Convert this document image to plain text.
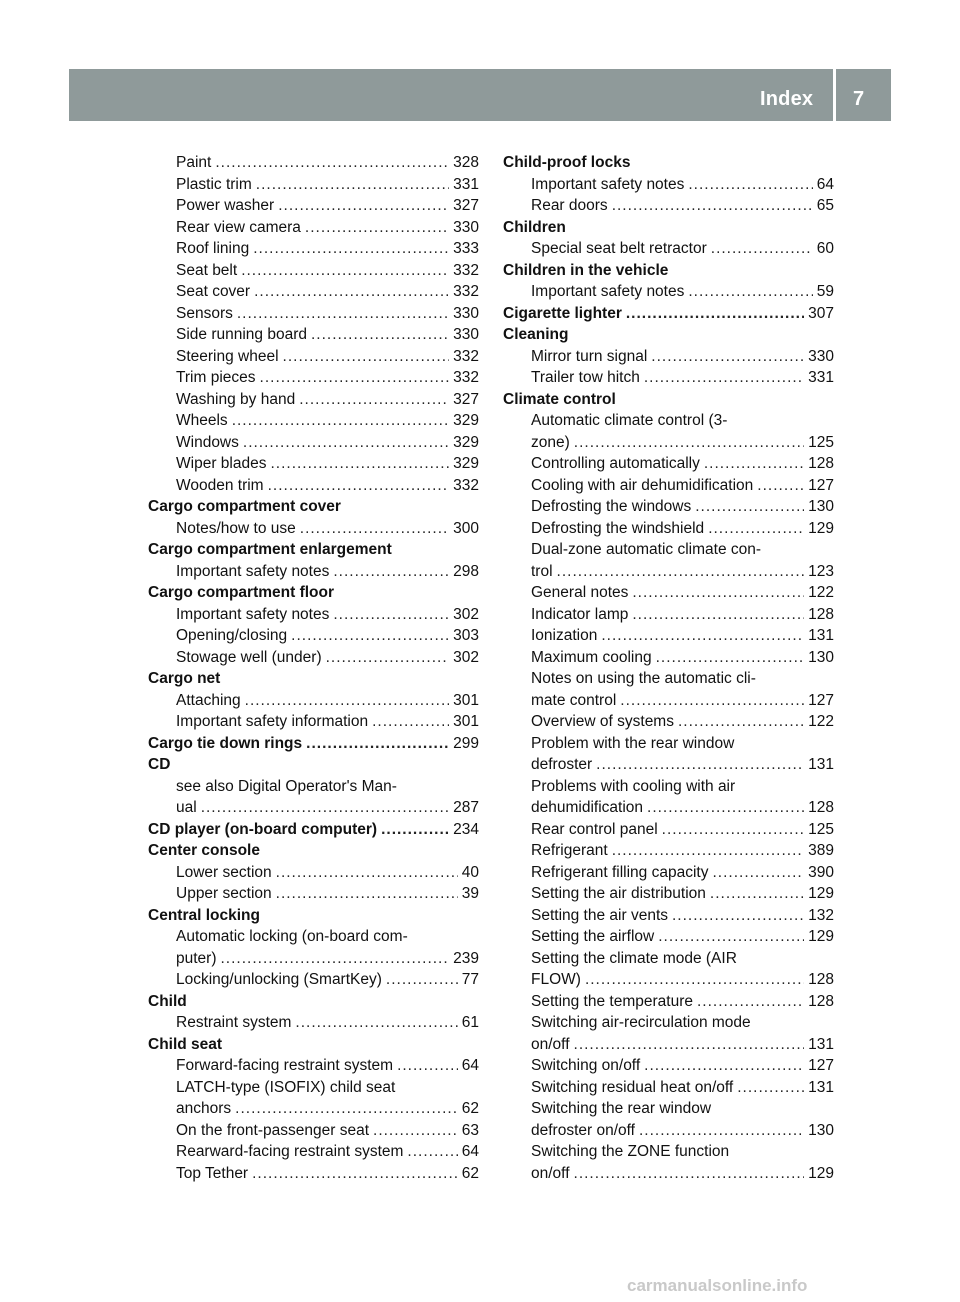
Index 7
Paint .....	328
Plastic trim .....	331
Power washer .....	327
Rear view camera .....	330
Roof lining .....	333
Seat belt .....	332
Seat cover .....	332
Sensors .....	330
Side running board .....	330
Steering wheel .....	332
Trim pieces .....	332
Washing by hand .....	327
Wheels .....	329
Windows .....	329
Wiper blades .....	329
Wooden trim .....	332
Cargo compartment cover
Notes/how to use .....	300
Cargo compartment enlargement
Important safety notes .....	298
Cargo compartment floor
Important safety notes .....	302
Opening/closing .....	303
Stowage well (under) .....	302
Cargo net
Attaching .....	301
Important safety information .....	301
Cargo tie down rings .....	299
CD
see also Digital Operator's Man-
ual .....	287
CD player (on-board computer) .....	234
Center console
Lower section .....	40
Upper section .....	39
Central locking
Automatic locking (on-board com-
puter) .....	239
Locking/unlocking (SmartKey) .....	77
Child
Restraint system .....	61
Child seat
Forward-facing restraint system .....	64
LATCH-type (ISOFIX) child seat
anchors .....	62
On the front-passenger seat .....	63
Rearward-facing restraint system .....	64
Top Tether .....	62
Child-proof locks
Important safety notes .....	64
Rear doors .....	65
Children
Special seat belt retractor .....	60
Children in the vehicle
Important safety notes .....	59
Cigarette lighter .....	307
Cleaning
Mirror turn signal .....	330
Trailer tow hitch .....	331
Climate control
Automatic climate control (3-
zone) .....	125
Controlling automatically .....	128
Cooling with air dehumidification .....	127
Defrosting the windows .....	130
Defrosting the windshield .....	129
Dual-zone automatic climate con-
trol .....	123
General notes .....	122
Indicator lamp .....	128
Ionization .....	131
Maximum cooling .....	130
Notes on using the automatic cli-
mate control .....	127
Overview of systems .....	122
Problem with the rear window
defroster .....	131
Problems with cooling with air
dehumidification .....	128
Rear control panel .....	125
Refrigerant .....	389
Refrigerant filling capacity .....	390
Setting the air distribution .....	129
Setting the air vents .....	132
Setting the airflow .....	129
Setting the climate mode (AIR
FLOW) .....	128
Setting the temperature .....	128
Switching air-recirculation mode
on/off .....	131
Switching on/off .....	127
Switching residual heat on/off .....	131
Switching the rear window
defroster on/off .....	130
Switching the ZONE function
on/off .....	129
carmanualsonline.info
